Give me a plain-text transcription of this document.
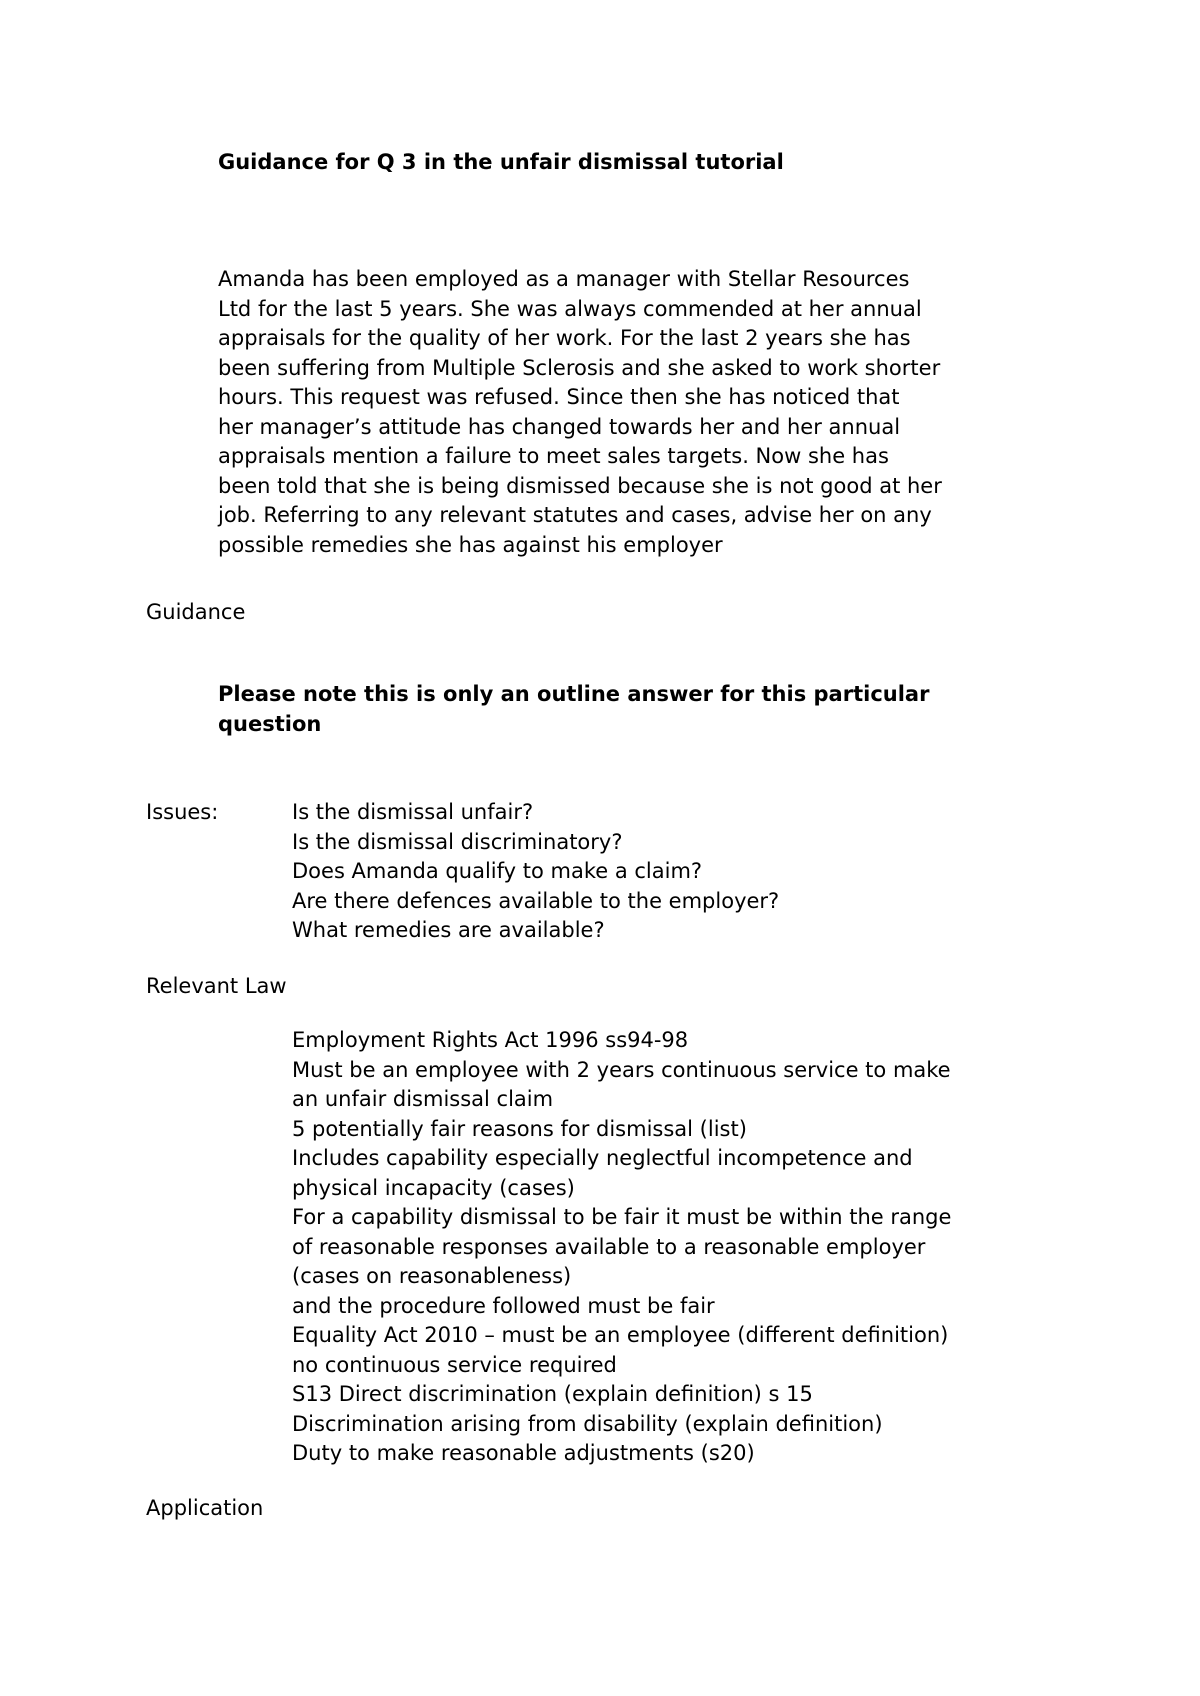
Guidance for Q 3 in the unfair dismissal tutorial

Amanda has been employed as a manager with Stellar Resources
Ltd for the last 5 years. She was always commended at her annual
appraisals for the quality of her work. For the last 2 years she has
been suffering from Multiple Sclerosis and she asked to work shorter
hours. This request was refused. Since then she has noticed that
her manager’s attitude has changed towards her and her annual
appraisals mention a failure to meet sales targets. Now she has
been told that she is being dismissed because she is not good at her
job. Referring to any relevant statutes and cases, advise her on any
possible remedies she has against his employer

Guidance

Please note this is only an outline answer for this particular
question

Issues:	Is the dismissal unfair?
Is the dismissal discriminatory?
Does Amanda qualify to make a claim?
Are there defences available to the employer?
What remedies are available?

Relevant Law

Employment Rights Act 1996 ss94-98
Must be an employee with 2 years continuous service to make
an unfair dismissal claim
5 potentially fair reasons for dismissal (list)
Includes capability especially neglectful incompetence and
physical incapacity (cases)
For a capability dismissal to be fair it must be within the range
of reasonable responses available to a reasonable employer
(cases on reasonableness)
and the procedure followed must be fair
Equality Act 2010 – must be an employee (different definition)
no continuous service required
S13 Direct discrimination (explain definition) s 15
Discrimination arising from disability (explain definition)
Duty to make reasonable adjustments (s20)

Application
